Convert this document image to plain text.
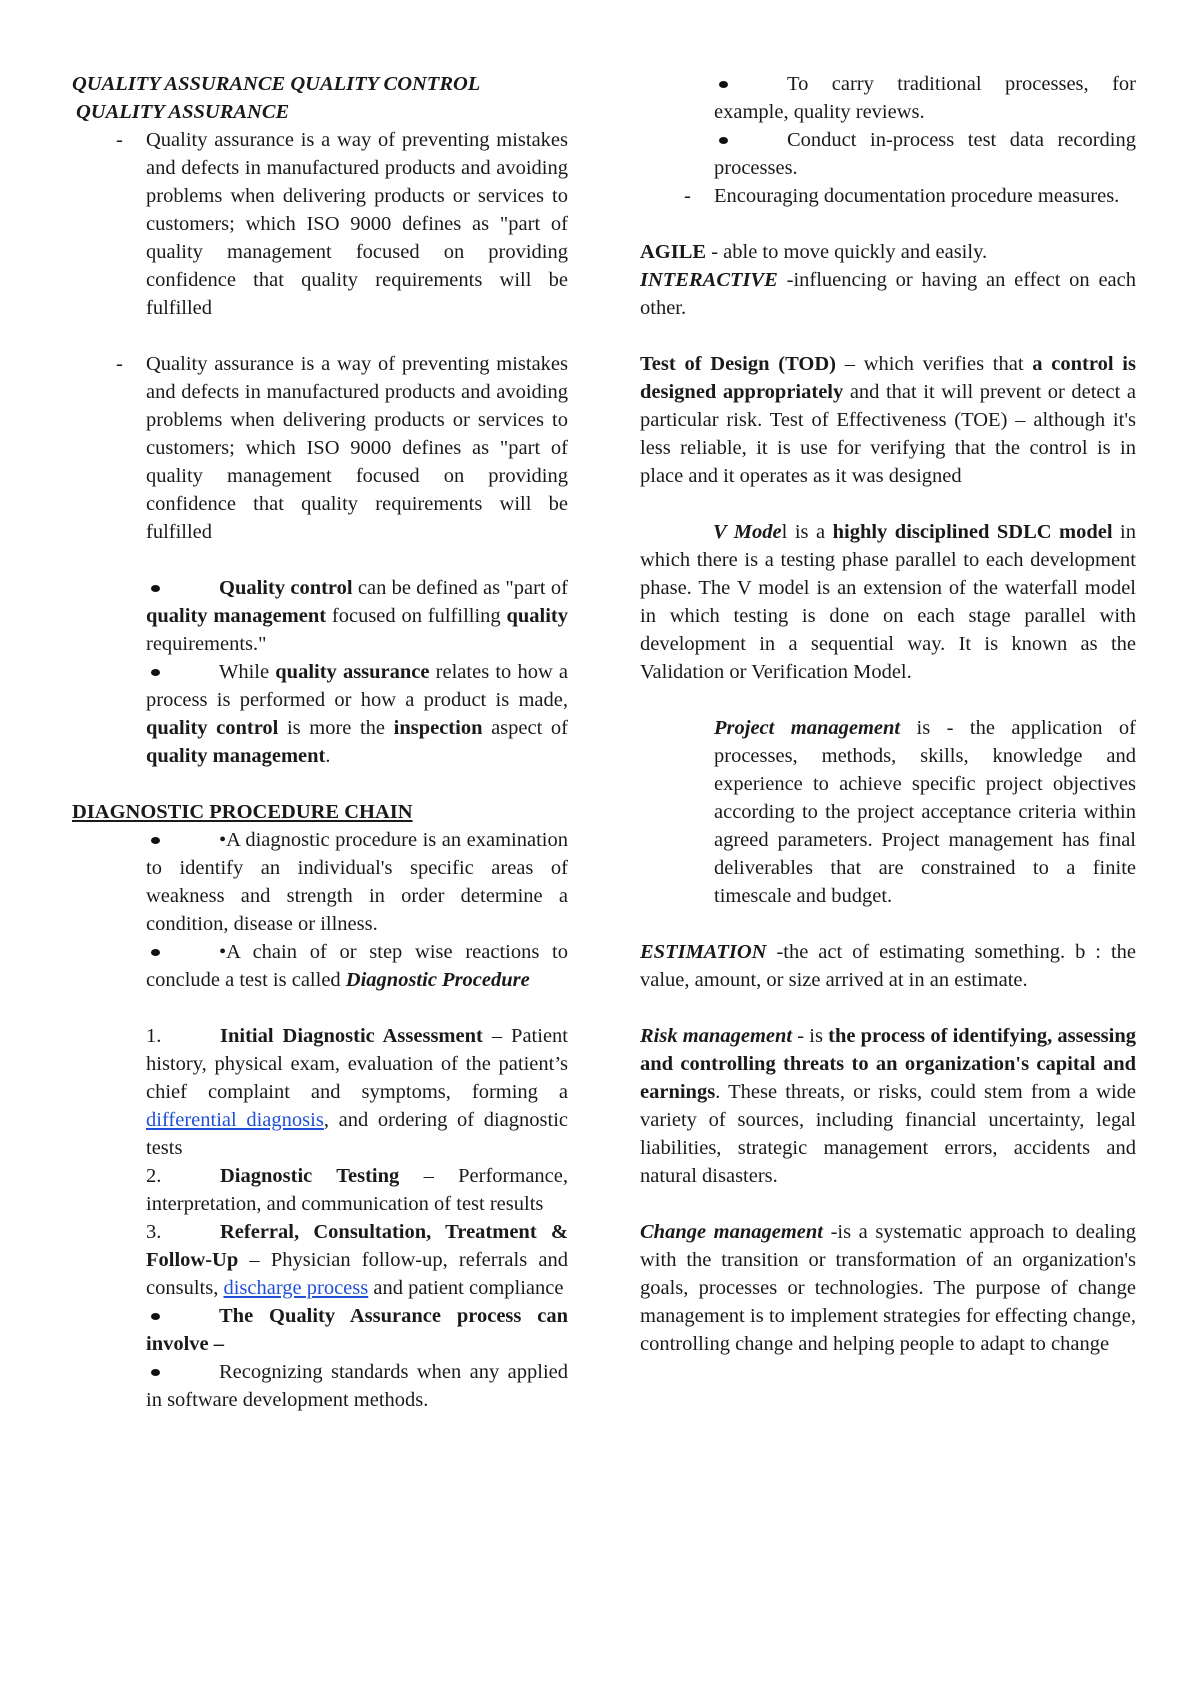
QUALITY ASSURANCE QUALITY CONTROL

QUALITY ASSURANCE

-	Quality assurance is a way of preventing mistakes and defects in manufactured products and avoiding problems when delivering products or services to customers; which ISO 9000 defines as "part of quality management focused on providing confidence that quality requirements will be fulfilled
-	Quality assurance is a way of preventing mistakes and defects in manufactured products and avoiding problems when delivering products or services to customers; which ISO 9000 defines as "part of quality management focused on providing confidence that quality requirements will be fulfilled

Quality control can be defined as "part of quality management focused on fulfilling quality requirements."

While quality assurance relates to how a process is performed or how a product is made, quality control is more the inspection aspect of quality management.

DIAGNOSTIC PROCEDURE CHAIN

•A diagnostic procedure is an examination to identify an individual's specific areas of weakness and strength in order determine a condition, disease or illness.

•A chain of or step wise reactions to conclude a test is called Diagnostic Procedure

1.	Initial Diagnostic Assessment – Patient history, physical exam, evaluation of the patient’s chief complaint and symptoms, forming a differential diagnosis, and ordering of diagnostic tests

2.	Diagnostic Testing – Performance, interpretation, and communication of test results

3.	Referral, Consultation, Treatment & Follow-Up – Physician follow-up, referrals and consults, discharge process and patient compliance

The Quality Assurance process can involve –

Recognizing standards when any applied in software development methods.

To carry traditional processes, for example, quality reviews.

Conduct in-process test data recording processes.

-	Encouraging documentation procedure measures.

AGILE - able to move quickly and easily.

INTERACTIVE -influencing or having an effect on each other.

Test of Design (TOD) – which verifies that a control is designed appropriately and that it will prevent or detect a particular risk. Test of Effectiveness (TOE) – although it's less reliable, it is use for verifying that the control is in place and it operates as it was designed

V Model is a highly disciplined SDLC model in which there is a testing phase parallel to each development phase. The V model is an extension of the waterfall model in which testing is done on each stage parallel with development in a sequential way. It is known as the Validation or Verification Model.

Project management is - the application of processes, methods, skills, knowledge and experience to achieve specific project objectives according to the project acceptance criteria within agreed parameters. Project management has final deliverables that are constrained to a finite timescale and budget.

ESTIMATION -the act of estimating something. b : the value, amount, or size arrived at in an estimate.

Risk management - is the process of identifying, assessing and controlling threats to an organization's capital and earnings. These threats, or risks, could stem from a wide variety of sources, including financial uncertainty, legal liabilities, strategic management errors, accidents and natural disasters.

Change management -is a systematic approach to dealing with the transition or transformation of an organization's goals, processes or technologies. The purpose of change management is to implement strategies for effecting change, controlling change and helping people to adapt to change
